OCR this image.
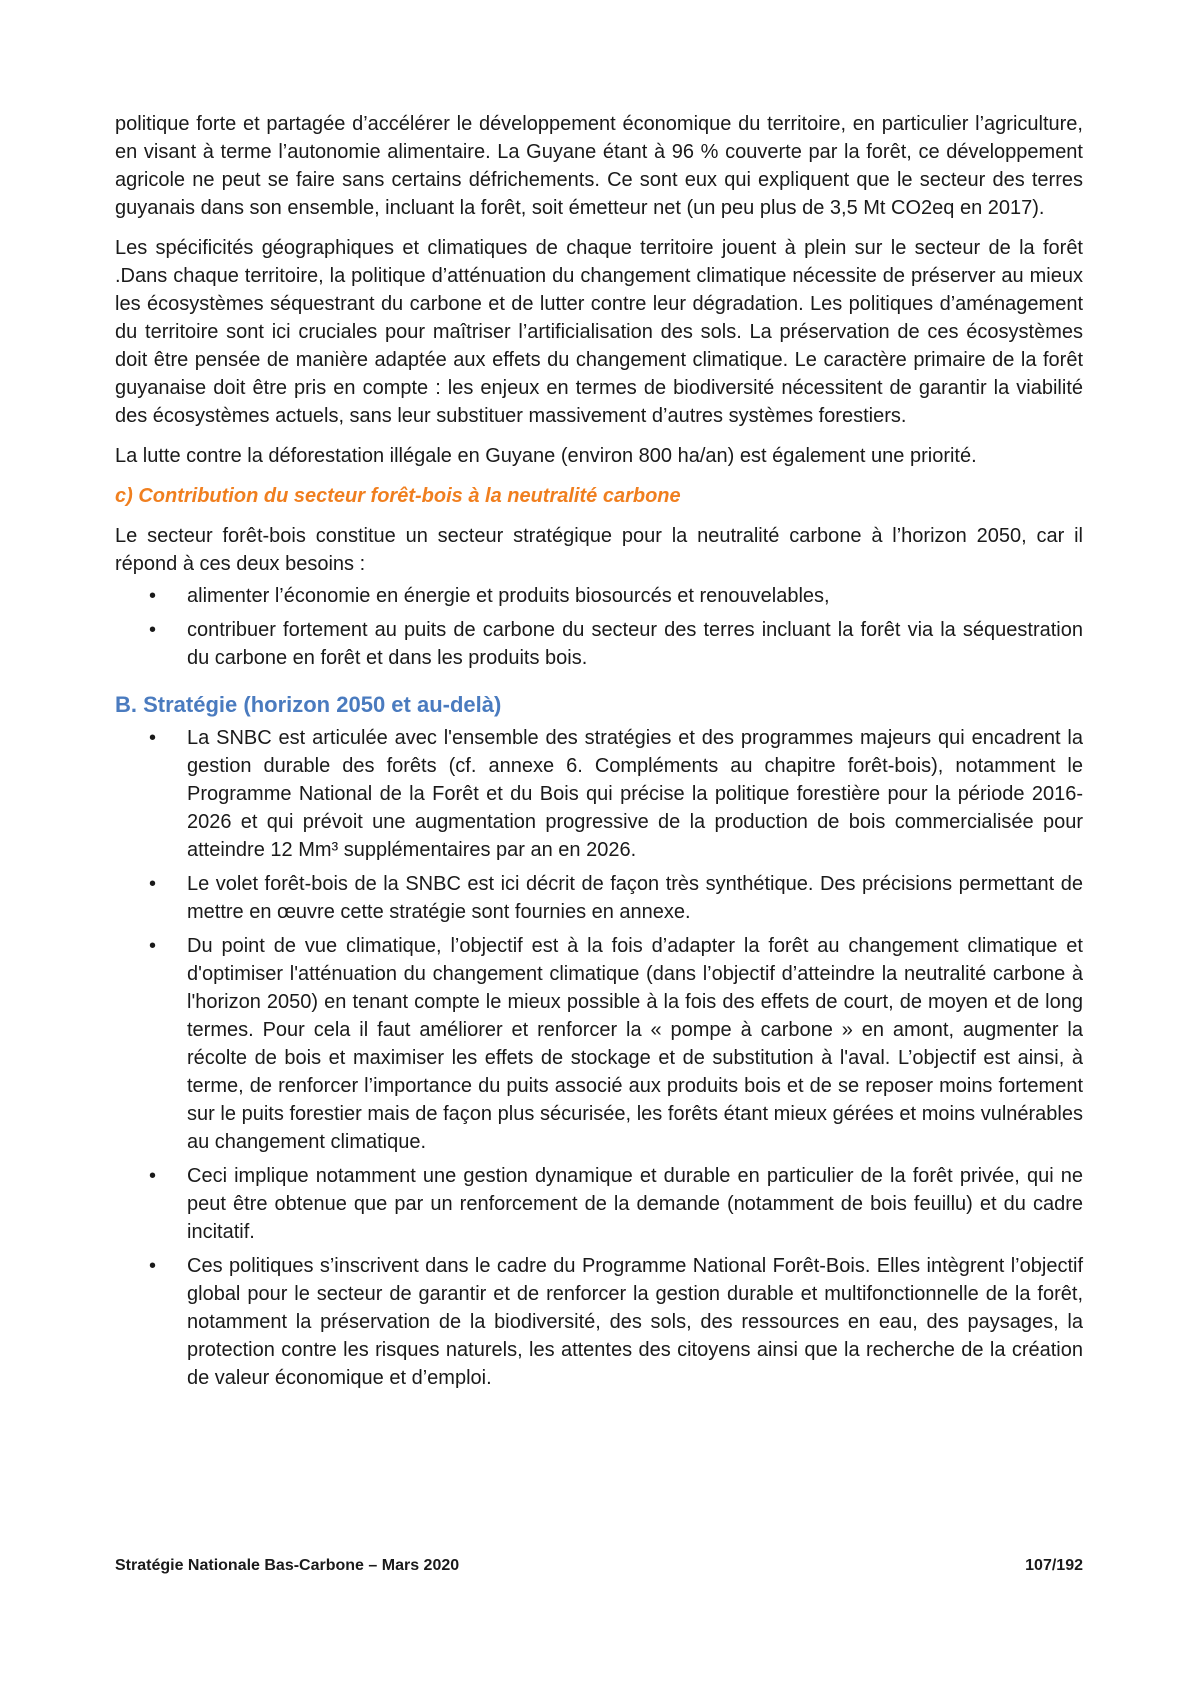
politique forte et partagée d’accélérer le développement économique du territoire, en particulier l’agriculture, en visant à terme l’autonomie alimentaire. La Guyane étant à 96 % couverte par la forêt, ce développement agricole ne peut se faire sans certains défrichements. Ce sont eux qui expliquent que le secteur des terres guyanais dans son ensemble, incluant la forêt, soit émetteur net (un peu plus de 3,5 Mt CO2eq en 2017).

Les spécificités géographiques et climatiques de chaque territoire jouent à plein sur le secteur de la forêt .Dans chaque territoire, la politique d’atténuation du changement climatique nécessite de préserver au mieux les écosystèmes séquestrant du carbone et de lutter contre leur dégradation. Les politiques d’aménagement du territoire sont ici cruciales pour maîtriser l’artificialisation des sols. La préservation de ces écosystèmes doit être pensée de manière adaptée aux effets du changement climatique. Le caractère primaire de la forêt guyanaise doit être pris en compte : les enjeux en termes de biodiversité nécessitent de garantir la viabilité des écosystèmes actuels, sans leur substituer massivement d’autres systèmes forestiers.

La lutte contre la déforestation illégale en Guyane (environ 800 ha/an) est également une priorité.

c) Contribution du secteur forêt-bois à la neutralité carbone

Le secteur forêt-bois constitue un secteur stratégique pour la neutralité carbone à l’horizon 2050, car il répond à ces deux besoins :

• alimenter l’économie en énergie et produits biosourcés et renouvelables,
• contribuer fortement au puits de carbone du secteur des terres incluant la forêt via la séquestration du carbone en forêt et dans les produits bois.
B. Stratégie (horizon 2050 et au-delà)
• La SNBC est articulée avec l'ensemble des stratégies et des programmes majeurs qui encadrent la gestion durable des forêts (cf. annexe 6. Compléments au chapitre forêt-bois), notamment le Programme National de la Forêt et du Bois qui précise la politique forestière pour la période 2016-2026 et qui prévoit une augmentation progressive de la production de bois commercialisée pour atteindre 12 Mm³ supplémentaires par an en 2026.
• Le volet forêt-bois de la SNBC est ici décrit de façon très synthétique. Des précisions permettant de mettre en œuvre cette stratégie sont fournies en annexe.
• Du point de vue climatique, l’objectif est à la fois d’adapter la forêt au changement climatique et d'optimiser l'atténuation du changement climatique (dans l’objectif d’atteindre la neutralité carbone à l'horizon 2050) en tenant compte le mieux possible à la fois des effets de court, de moyen et de long termes. Pour cela il faut améliorer et renforcer la « pompe à carbone » en amont, augmenter la récolte de bois et maximiser les effets de stockage et de substitution à l'aval. L’objectif est ainsi, à terme, de renforcer l’importance du puits associé aux produits bois et de se reposer moins fortement sur le puits forestier mais de façon plus sécurisée, les forêts étant mieux gérées et moins vulnérables au changement climatique.
• Ceci implique notamment une gestion dynamique et durable en particulier de la forêt privée, qui ne peut être obtenue que par un renforcement de la demande (notamment de bois feuillu) et du cadre incitatif.
• Ces politiques s’inscrivent dans le cadre du Programme National Forêt-Bois. Elles intègrent l’objectif global pour le secteur de garantir et de renforcer la gestion durable et multifonctionnelle de la forêt, notamment la préservation de la biodiversité, des sols, des ressources en eau, des paysages, la protection contre les risques naturels, les attentes des citoyens ainsi que la recherche de la création de valeur économique et d’emploi.
Stratégie Nationale Bas-Carbone – Mars 2020	107/192
